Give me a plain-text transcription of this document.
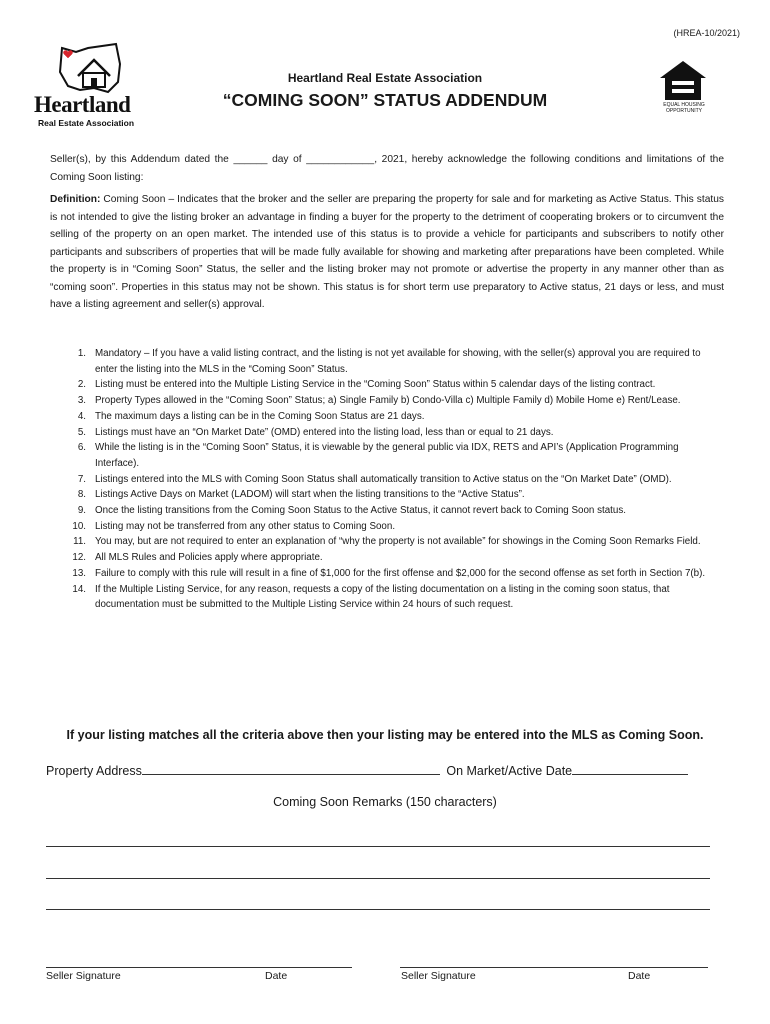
(HREA-10/2021)
Heartland
Real Estate Association
Heartland Real Estate Association
“COMING SOON” STATUS ADDENDUM	EQUAL HOUSING OPPORTUNITY
Seller(s), by this Addendum dated the ______ day of ____________, 2021, hereby acknowledge the following conditions and limitations of the Coming Soon listing:
Definition: Coming Soon – Indicates that the broker and the seller are preparing the property for sale and for marketing as Active Status. This status is not intended to give the listing broker an advantage in finding a buyer for the property to the detriment of cooperating brokers or to circumvent the selling of the property on an open market. The intended use of this status is to provide a vehicle for participants and subscribers to notify other participants and subscribers of properties that will be made fully available for showing and marketing after preparations have been completed. While the property is in “Coming Soon” Status, the seller and the listing broker may not promote or advertise the property in any manner other than as “coming soon”. Properties in this status may not be shown. This status is for short term use preparatory to Active status, 21 days or less, and must have a listing agreement and seller(s) approval.
1. Mandatory – If you have a valid listing contract, and the listing is not yet available for showing, with the seller(s) approval you are required to enter the listing into the MLS in the “Coming Soon” Status.
2. Listing must be entered into the Multiple Listing Service in the “Coming Soon” Status within 5 calendar days of the listing contract.
3. Property Types allowed in the “Coming Soon” Status; a) Single Family b) Condo-Villa c) Multiple Family d) Mobile Home e) Rent/Lease.
4. The maximum days a listing can be in the Coming Soon Status are 21 days.
5. Listings must have an “On Market Date” (OMD) entered into the listing load, less than or equal to 21 days.
6. While the listing is in the “Coming Soon” Status, it is viewable by the general public via IDX, RETS and API’s (Application Programming Interface).
7. Listings entered into the MLS with Coming Soon Status shall automatically transition to Active status on the “On Market Date” (OMD).
8. Listings Active Days on Market (LADOM) will start when the listing transitions to the “Active Status”.
9. Once the listing transitions from the Coming Soon Status to the Active Status, it cannot revert back to Coming Soon status.
10. Listing may not be transferred from any other status to Coming Soon.
11. You may, but are not required to enter an explanation of “why the property is not available” for showings in the Coming Soon Remarks Field.
12. All MLS Rules and Policies apply where appropriate.
13. Failure to comply with this rule will result in a fine of $1,000 for the first offense and $2,000 for the second offense as set forth in Section 7(b).
14. If the Multiple Listing Service, for any reason, requests a copy of the listing documentation on a listing in the coming soon status, that documentation must be submitted to the Multiple Listing Service within 24 hours of such request.
If your listing matches all the criteria above then your listing may be entered into the MLS as Coming Soon.
Property Address	On Market/Active Date
Coming Soon Remarks (150 characters)
Seller Signature	Date	Seller Signature	Date
